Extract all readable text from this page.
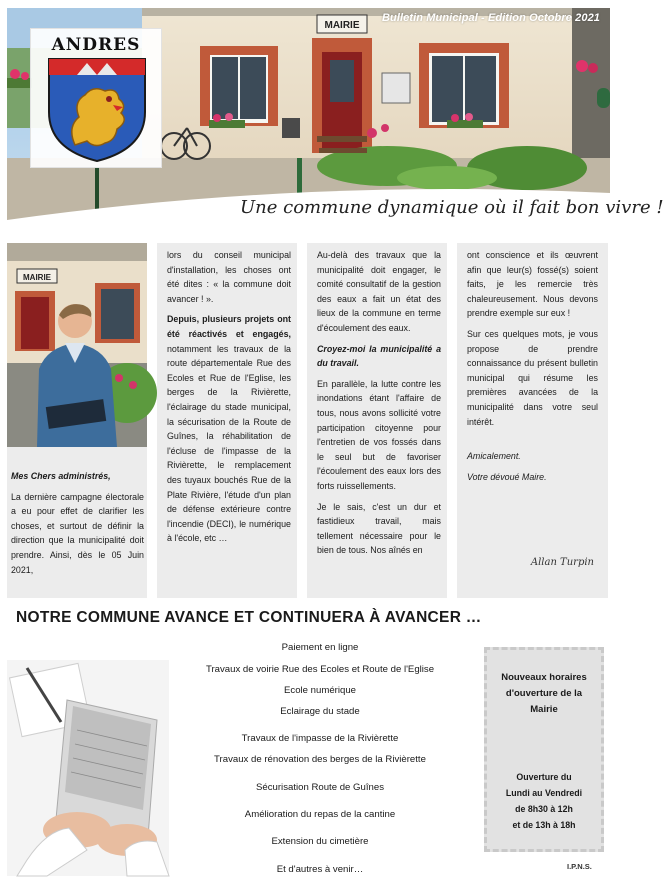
MAIRIE
Bulletin Municipal - Edition Octobre 2021
ANDRES
Une commune dynamique où il fait bon vivre !
MAIRIE

Mes Chers administrés,

La dernière campagne électorale a eu pour effet de clarifier les choses, et surtout de définir la direction que la municipalité doit prendre. Ainsi, dès le 05 Juin 2021,

lors du conseil municipal d'installation, les choses ont été dites : « la commune doit avancer ! ».

Depuis, plusieurs projets ont été réactivés et engagés, notamment les travaux de la route départementale Rue des Ecoles et Rue de l'Eglise, les berges de la Rivièrette, l'éclairage du stade municipal, la sécurisation de la Route de Guînes, la réhabilitation de l'écluse de l'impasse de la Rivièrette, le remplacement des tuyaux bouchés Rue de la Plate Rivière, l'étude d'un plan de défense extérieure contre l'incendie (DECI), le numérique à l'école, etc …

Au-delà des travaux que la municipalité doit engager, le comité consultatif de la gestion des eaux a fait un état des lieux de la commune en terme d'écoulement des eaux.

Croyez-moi la municipalité a du travail.

En parallèle, la lutte contre les inondations étant l'affaire de tous, nous avons sollicité votre participation citoyenne pour l'entretien de vos fossés dans le seul but de favoriser l'écoulement des eaux lors des forts ruissellements.

Je le sais, c'est un dur et fastidieux travail, mais tellement nécessaire pour le bien de tous. Nos aînés en

ont conscience et ils œuvrent afin que leur(s) fossé(s) soient faits, je les remercie très chaleureusement. Nous devons prendre exemple sur eux !

Sur ces quelques mots, je vous propose de prendre connaissance du présent bulletin municipal qui résume les premières avancées de la municipalité dans votre seul intérêt.

Amicalement.

Votre dévoué Maire.

Allan Turpin
NOTRE COMMUNE AVANCE ET CONTINUERA À AVANCER …
Paiement en ligne
Travaux de voirie Rue des Ecoles et Route de l'Eglise
Ecole numérique
Eclairage du stade
Travaux de l'impasse de la Rivièrette
Travaux de rénovation des berges de la Rivièrette
Sécurisation Route de Guînes
Amélioration du repas de la cantine
Extension du cimetière
Et d'autres à venir…
Nouveaux horaires d'ouverture de la Mairie
Ouverture du
Lundi au Vendredi
de 8h30 à 12h
et de 13h à 18h
I.P.N.S.
